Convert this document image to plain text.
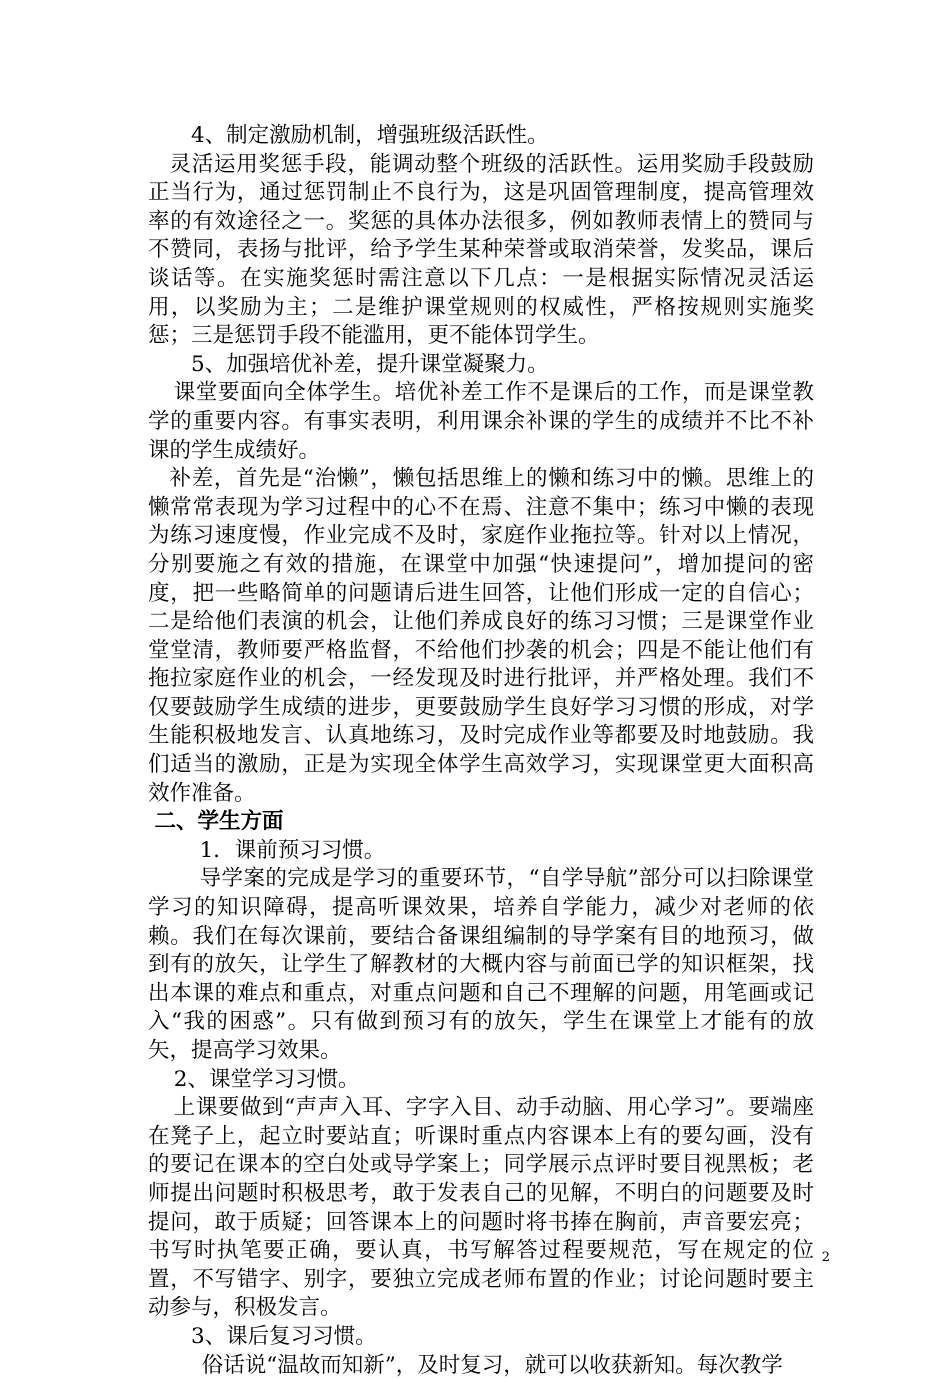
4、制定激励机制，增强班级活跃性。

灵活运用奖惩手段，能调动整个班级的活跃性。运用奖励手段鼓励正当行为，通过惩罚制止不良行为，这是巩固管理制度，提高管理效率的有效途径之一。奖惩的具体办法很多，例如教师表情上的赞同与不赞同，表扬与批评，给予学生某种荣誉或取消荣誉，发奖品，课后谈话等。在实施奖惩时需注意以下几点：一是根据实际情况灵活运用，以奖励为主；二是维护课堂规则的权威性，严格按规则实施奖惩；三是惩罚手段不能滥用，更不能体罚学生。

5、加强培优补差，提升课堂凝聚力。

课堂要面向全体学生。培优补差工作不是课后的工作，而是课堂教学的重要内容。有事实表明，利用课余补课的学生的成绩并不比不补课的学生成绩好。

补差，首先是“治懒”，懒包括思维上的懒和练习中的懒。思维上的懒常常表现为学习过程中的心不在焉、注意不集中；练习中懒的表现为练习速度慢，作业完成不及时，家庭作业拖拉等。针对以上情况，分别要施之有效的措施，在课堂中加强“快速提问”，增加提问的密度，把一些略简单的问题请后进生回答，让他们形成一定的自信心；二是给他们表演的机会，让他们养成良好的练习习惯；三是课堂作业堂堂清，教师要严格监督，不给他们抄袭的机会；四是不能让他们有拖拉家庭作业的机会，一经发现及时进行批评，并严格处理。我们不仅要鼓励学生成绩的进步，更要鼓励学生良好学习习惯的形成，对学生能积极地发言、认真地练习，及时完成作业等都要及时地鼓励。我们适当的激励，正是为实现全体学生高效学习，实现课堂更大面积高效作准备。

二、学生方面

1．课前预习习惯。

导学案的完成是学习的重要环节，“自学导航”部分可以扫除课堂学习的知识障碍，提高听课效果，培养自学能力，减少对老师的依赖。我们在每次课前，要结合备课组编制的导学案有目的地预习，做到有的放矢，让学生了解教材的大概内容与前面已学的知识框架，找出本课的难点和重点，对重点问题和自己不理解的问题，用笔画或记入“我的困惑”。只有做到预习有的放矢，学生在课堂上才能有的放矢，提高学习效果。

2、课堂学习习惯。

上课要做到“声声入耳、字字入目、动手动脑、用心学习”。要端座在凳子上，起立时要站直；听课时重点内容课本上有的要勾画，没有的要记在课本的空白处或导学案上；同学展示点评时要目视黑板；老师提出问题时积极思考，敢于发表自己的见解，不明白的问题要及时提问，敢于质疑；回答课本上的问题时将书捧在胸前，声音要宏亮；书写时执笔要正确，要认真，书写解答过程要规范，写在规定的位置，不写错字、别字，要独立完成老师布置的作业；讨论问题时要主动参与，积极发言。

3、课后复习习惯。

俗话说“温故而知新”，及时复习，就可以收获新知。每次教学

2
